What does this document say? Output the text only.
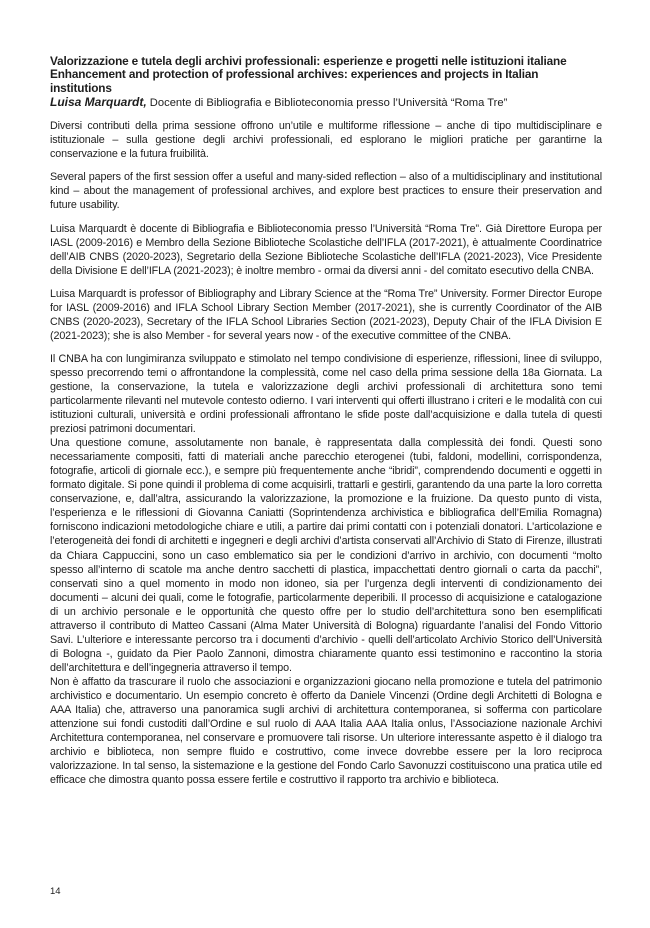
Valorizzazione e tutela degli archivi professionali: esperienze e progetti nelle istituzioni italiane

Enhancement and protection of professional archives: experiences and projects in Italian institutions

Luisa Marquardt, Docente di Bibliografia e Biblioteconomia presso l’Università “Roma Tre”

Diversi contributi della prima sessione offrono un’utile e multiforme riflessione – anche di tipo multidisciplinare e istituzionale – sulla gestione degli archivi professionali, ed esplorano le migliori pratiche per garantirne la conservazione e la futura fruibilità.

Several papers of the first session offer a useful and many-sided reflection – also of a multidisciplinary and institutional kind – about the management of professional archives, and explore best practices to ensure their preservation and future usability.

Luisa Marquardt è docente di Bibliografia e Biblioteconomia presso l’Università “Roma Tre”. Già Direttore Europa per IASL (2009-2016) e Membro della Sezione Biblioteche Scolastiche dell’IFLA (2017-2021), è attualmente Coordinatrice dell’AIB CNBS (2020-2023), Segretario della Sezione Biblioteche Scolastiche dell’IFLA (2021-2023), Vice Presidente della Divisione E dell’IFLA (2021-2023); è inoltre membro - ormai da diversi anni - del comitato esecutivo della CNBA.

Luisa Marquardt is professor of Bibliography and Library Science at the “Roma Tre” University. Former Director Europe for IASL (2009-2016) and IFLA School Library Section Member (2017-2021), she is currently Coordinator of the AIB CNBS (2020-2023), Secretary of the IFLA School Libraries Section (2021-2023), Deputy Chair of the IFLA Division E (2021-2023); she is also Member - for several years now - of the executive committee of the CNBA.

Il CNBA ha con lungimiranza sviluppato e stimolato nel tempo condivisione di esperienze, riflessioni, linee di sviluppo, spesso precorrendo temi o affrontandone la complessità, come nel caso della prima sessione della 18a Giornata. La gestione, la conservazione, la tutela e valorizzazione degli archivi professionali di architettura sono temi particolarmente rilevanti nel mutevole contesto odierno. I vari interventi qui offerti illustrano i criteri e le modalità con cui istituzioni culturali, università e ordini professionali affrontano le sfide poste dall’acquisizione e dalla tutela di questi preziosi patrimoni documentari.

Una questione comune, assolutamente non banale, è rappresentata dalla complessità dei fondi. Questi sono necessariamente compositi, fatti di materiali anche parecchio eterogenei (tubi, faldoni, modellini, corrispondenza, fotografie, articoli di giornale ecc.), e sempre più frequentemente anche “ibridi”, comprendendo documenti e oggetti in formato digitale. Si pone quindi il problema di come acquisirli, trattarli e gestirli, garantendo da una parte la loro corretta conservazione, e, dall’altra, assicurando la valorizzazione, la promozione e la fruizione. Da questo punto di vista, l’esperienza e le riflessioni di Giovanna Caniatti (Soprintendenza archivistica e bibliografica dell’Emilia Romagna) forniscono indicazioni metodologiche chiare e utili, a partire dai primi contatti con i potenziali donatori. L’articolazione e l’eterogeneità dei fondi di architetti e ingegneri e degli archivi d’artista conservati all’Archivio di Stato di Firenze, illustrati da Chiara Cappuccini, sono un caso emblematico sia per le condizioni d’arrivo in archivio, con documenti “molto spesso all’interno di scatole ma anche dentro sacchetti di plastica, impacchettati dentro giornali o carta da pacchi”, conservati sino a quel momento in modo non idoneo, sia per l’urgenza degli interventi di condizionamento dei documenti – alcuni dei quali, come le fotografie, particolarmente deperibili. Il processo di acquisizione e catalogazione di un archivio personale e le opportunità che questo offre per lo studio dell’architettura sono ben esemplificati attraverso il contributo di Matteo Cassani (Alma Mater Università di Bologna) riguardante l’analisi del Fondo Vittorio Savi. L’ulteriore e interessante percorso tra i documenti d’archivio - quelli dell’articolato Archivio Storico dell’Università di Bologna -, guidato da Pier Paolo Zannoni, dimostra chiaramente quanto essi testimonino e raccontino la storia dell’architettura e dell’ingegneria attraverso il tempo.

Non è affatto da trascurare il ruolo che associazioni e organizzazioni giocano nella promozione e tutela del patrimonio archivistico e documentario. Un esempio concreto è offerto da Daniele Vincenzi (Ordine degli Architetti di Bologna e AAA Italia) che, attraverso una panoramica sugli archivi di architettura contemporanea, si sofferma con particolare attenzione sui fondi custoditi dall’Ordine e sul ruolo di AAA Italia AAA Italia onlus, l’Associazione nazionale Archivi Architettura contemporanea, nel conservare e promuovere tali risorse. Un ulteriore interessante aspetto è il dialogo tra archivio e biblioteca, non sempre fluido e costruttivo, come invece dovrebbe essere per la loro reciproca valorizzazione. In tal senso, la sistemazione e la gestione del Fondo Carlo Savonuzzi costituiscono una pratica utile ed efficace che dimostra quanto possa essere fertile e costruttivo il rapporto tra archivio e biblioteca.

14
